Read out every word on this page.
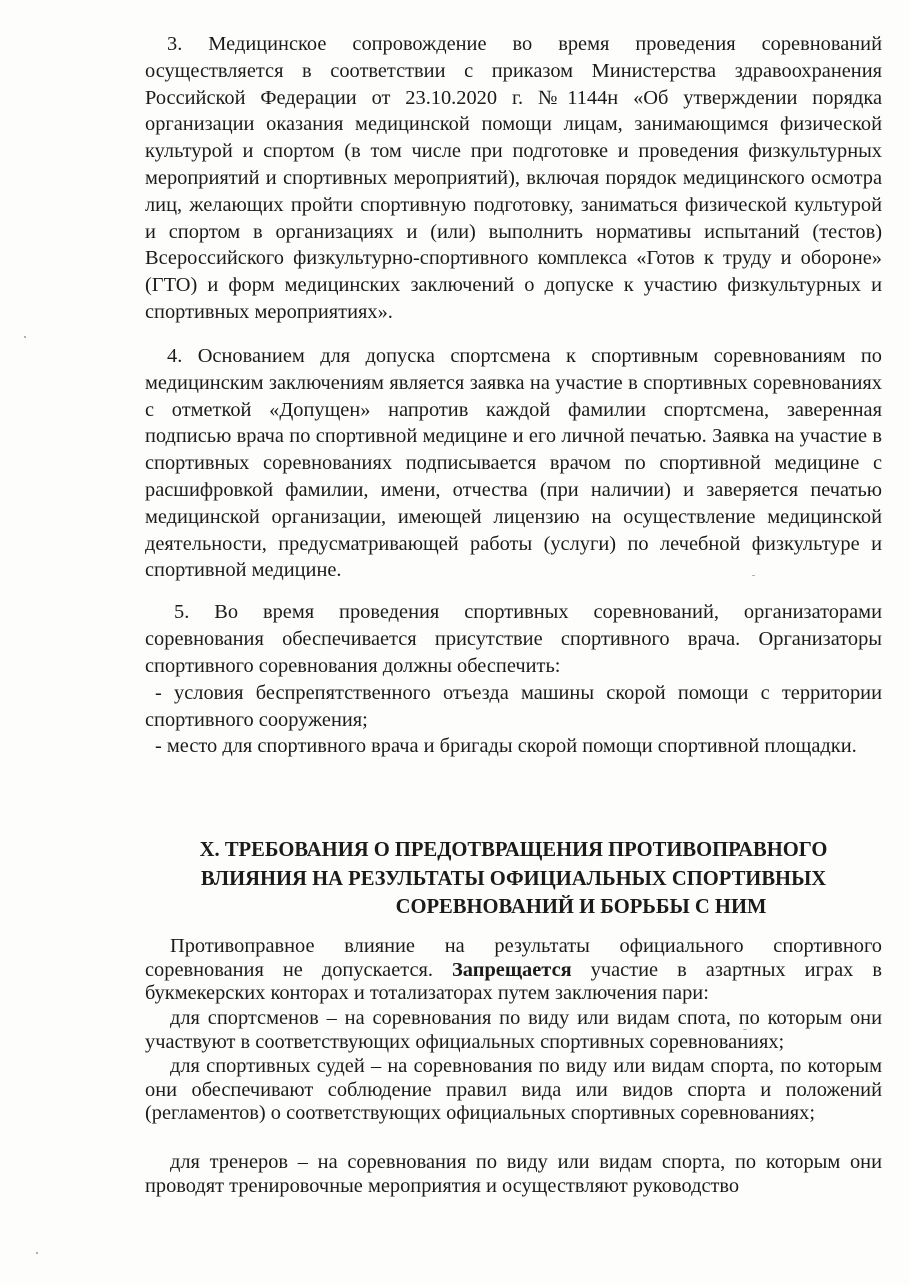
3. Медицинское сопровождение во время проведения соревнований осуществляется в соответствии с приказом Министерства здравоохранения Российской Федерации от 23.10.2020 г. №1144н «Об утверждении порядка организации оказания медицинской помощи лицам, занимающимся физической культурой и спортом (в том числе при подготовке и проведения физкультурных мероприятий и спортивных мероприятий), включая порядок медицинского осмотра лиц, желающих пройти спортивную подготовку, заниматься физической культурой и спортом в организациях и (или) выполнить нормативы испытаний (тестов) Всероссийского физкультурно-спортивного комплекса «Готов к труду и обороне» (ГТО) и форм медицинских заключений о допуске к участию физкультурных и спортивных мероприятиях».

4. Основанием для допуска спортсмена к спортивным соревнованиям по медицинским заключениям является заявка на участие в спортивных соревнованиях с отметкой «Допущен» напротив каждой фамилии спортсмена, заверенная подписью врача по спортивной медицине и его личной печатью. Заявка на участие в спортивных соревнованиях подписывается врачом по спортивной медицине с расшифровкой фамилии, имени, отчества (при наличии) и заверяется печатью медицинской организации, имеющей лицензию на осуществление медицинской деятельности, предусматривающей работы (услуги) по лечебной физкультуре и спортивной медицине.

5. Во время проведения спортивных соревнований, организаторами соревнования обеспечивается присутствие спортивного врача. Организаторы спортивного соревнования должны обеспечить:

- условия беспрепятственного отъезда машины скорой помощи с территории спортивного сооружения;

- место для спортивного врача и бригады скорой помощи спортивной площадки.

X. ТРЕБОВАНИЯ О ПРЕДОТВРАЩЕНИЯ ПРОТИВОПРАВНОГО
ВЛИЯНИЯ НА РЕЗУЛЬТАТЫ ОФИЦИАЛЬНЫХ СПОРТИВНЫХ
СОРЕВНОВАНИЙ И БОРЬБЫ С НИМ

Противоправное влияние на результаты официального спортивного соревнования не допускается. Запрещается участие в азартных играх в букмекерских конторах и тотализаторах путем заключения пари:

для спортсменов – на соревнования по виду или видам спота, по которым они участвуют в соответствующих официальных спортивных соревнованиях;

для спортивных судей – на соревнования по виду или видам спорта, по которым они обеспечивают соблюдение правил вида или видов спорта и положений (регламентов) о соответствующих официальных спортивных соревнованиях;

для тренеров – на соревнования по виду или видам спорта, по которым они проводят тренировочные мероприятия и осуществляют руководство
